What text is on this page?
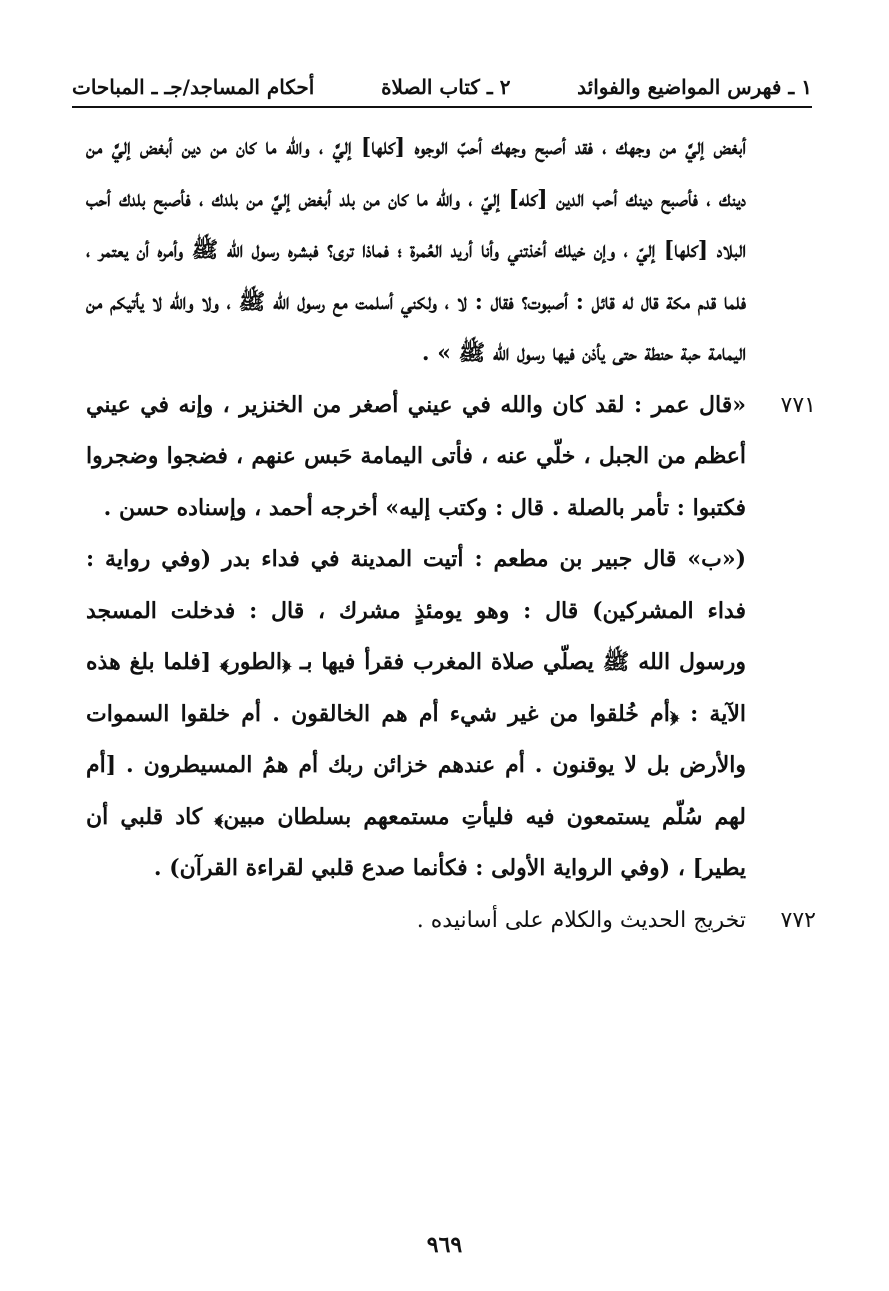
١ ـ فهرس المواضيع والفوائد
٢ ـ كتاب الصلاة
أحكام المساجد/جـ ـ المباحات

أبغض إليَّ من وجهك ، فقد أصبح وجهك أحبّ الوجوه [كلها] إليَّ ، والله ما كان من دين أبغض إليَّ من دينك ، فأصبح دينك أحب الدين [كله] إليّ ، والله ما كان من بلد أبغض إليَّ من بلدك ، فأصبح بلدك أحب البلاد [كلها] إليّ ، وإن خيلك أخذتني وأنا أريد العُمرة ؛ فماذا ترى؟ فبشره رسول الله ﷺ وأمره أن يعتمر ، فلما قدم مكة قال له قائل : أصبوت؟ فقال : لا ، ولكني أسلمت مع رسول الله ﷺ ، ولا والله لا يأتيكم من اليمامة حبة حنطة حتى يأذن فيها رسول الله ﷺ » .

٧٧١
«قال عمر : لقد كان والله في عيني أصغر من الخنزير ، وإنه في عيني أعظم من الجبل ، خلّي عنه ، فأتى اليمامة حَبس عنهم ، فضجوا وضجروا فكتبوا : تأمر بالصلة . قال : وكتب إليه» أخرجه أحمد ، وإسناده حسن .

(«ب» قال جبير بن مطعم : أتيت المدينة في فداء بدر (وفي رواية : فداء المشركين) قال : وهو يومئذٍ مشرك ، قال : فدخلت المسجد ورسول الله ﷺ يصلّي صلاة المغرب فقرأ فيها بـ ﴿الطور﴾ [فلما بلغ هذه الآية : ﴿أم خُلقوا من غير شيء أم هم الخالقون . أم خلقوا السموات والأرض بل لا يوقنون . أم عندهم خزائن ربك أم همُ المسيطرون . [أم لهم سُلّم يستمعون فيه فليأتِ مستمعهم بسلطان مبين﴾ كاد قلبي أن يطير] ، (وفي الرواية الأولى : فكأنما صدع قلبي لقراءة القرآن) .

٧٧٢
تخريج الحديث والكلام على أسانيده .

٩٦٩
